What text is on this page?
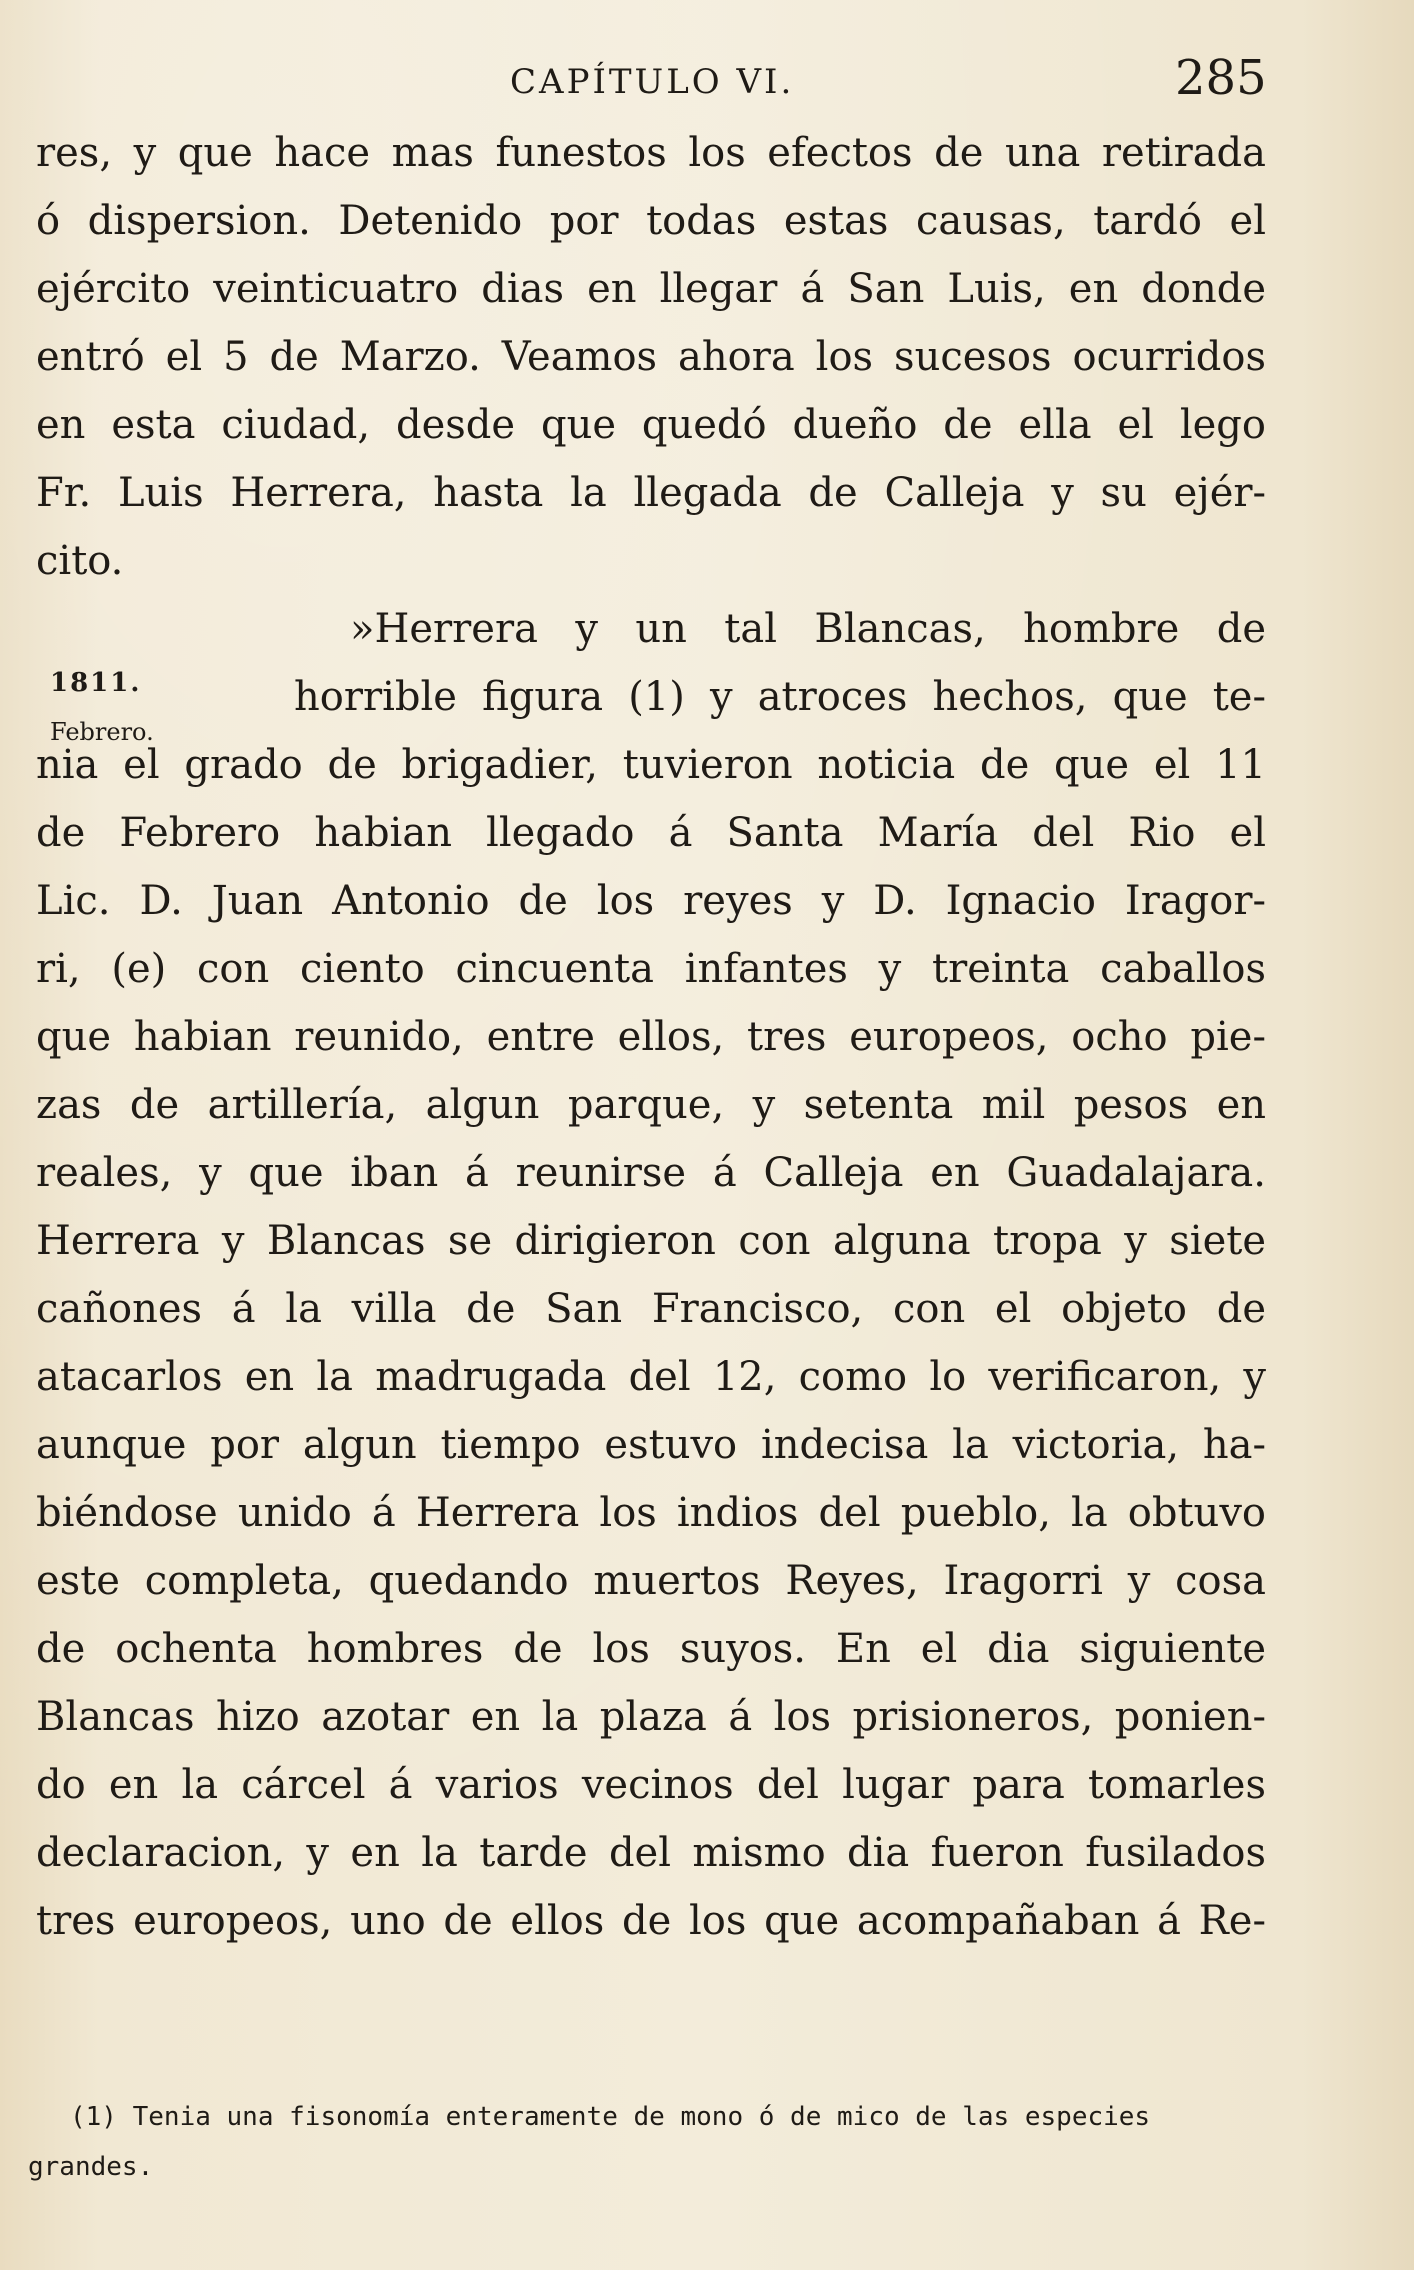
CAPÍTULO VI.	285
1811.
Febrero.
res, y que hace mas funestos los efectos de una retirada
ó dispersion. Detenido por todas estas causas, tardó el
ejército veinticuatro dias en llegar á San Luis, en donde
entró el 5 de Marzo. Veamos ahora los sucesos ocurridos
en esta ciudad, desde que quedó dueño de ella el lego
Fr. Luis Herrera, hasta la llegada de Calleja y su ejér-
cito.
»Herrera y un tal Blancas, hombre de
horrible figura (1) y atroces hechos, que te-
nia el grado de brigadier, tuvieron noticia de que el 11
de Febrero habian llegado á Santa María del Rio el
Lic. D. Juan Antonio de los reyes y D. Ignacio Iragor-
ri, (e) con ciento cincuenta infantes y treinta caballos
que habian reunido, entre ellos, tres europeos, ocho pie-
zas de artillería, algun parque, y setenta mil pesos en
reales, y que iban á reunirse á Calleja en Guadalajara.
Herrera y Blancas se dirigieron con alguna tropa y siete
cañones á la villa de San Francisco, con el objeto de
atacarlos en la madrugada del 12, como lo verificaron, y
aunque por algun tiempo estuvo indecisa la victoria, ha-
biéndose unido á Herrera los indios del pueblo, la obtuvo
este completa, quedando muertos Reyes, Iragorri y cosa
de ochenta hombres de los suyos. En el dia siguiente
Blancas hizo azotar en la plaza á los prisioneros, ponien-
do en la cárcel á varios vecinos del lugar para tomarles
declaracion, y en la tarde del mismo dia fueron fusilados
tres europeos, uno de ellos de los que acompañaban á Re-
(1) Tenia una fisonomía enteramente de mono ó de mico de las especies
grandes.
